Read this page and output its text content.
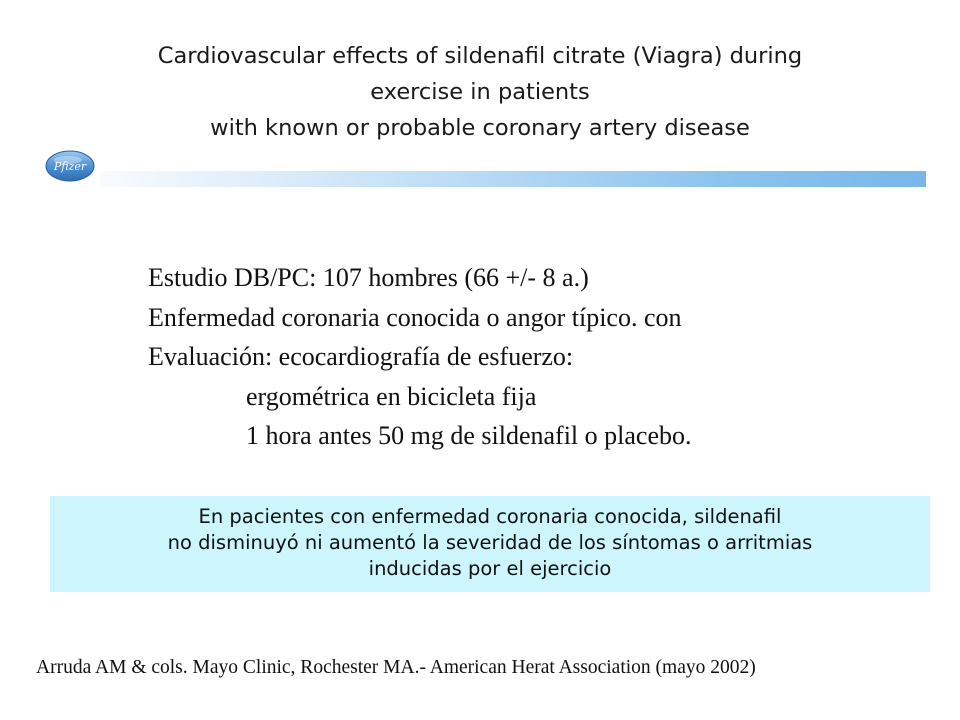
Cardiovascular effects of sildenafil citrate (Viagra) during
exercise in patients
with known or probable coronary artery disease
Pfizer
Estudio DB/PC: 107 hombres (66 +/- 8 a.)
Enfermedad coronaria conocida o angor típico. con
Evaluación: ecocardiografía de esfuerzo:
ergométrica en bicicleta fija
1 hora antes 50 mg de sildenafil o placebo.
En pacientes con enfermedad coronaria conocida, sildenafil
no disminuyó ni aumentó la severidad de los síntomas o arritmias
inducidas por el ejercicio
Arruda AM & cols. Mayo Clinic, Rochester MA.- American Herat Association (mayo 2002)
